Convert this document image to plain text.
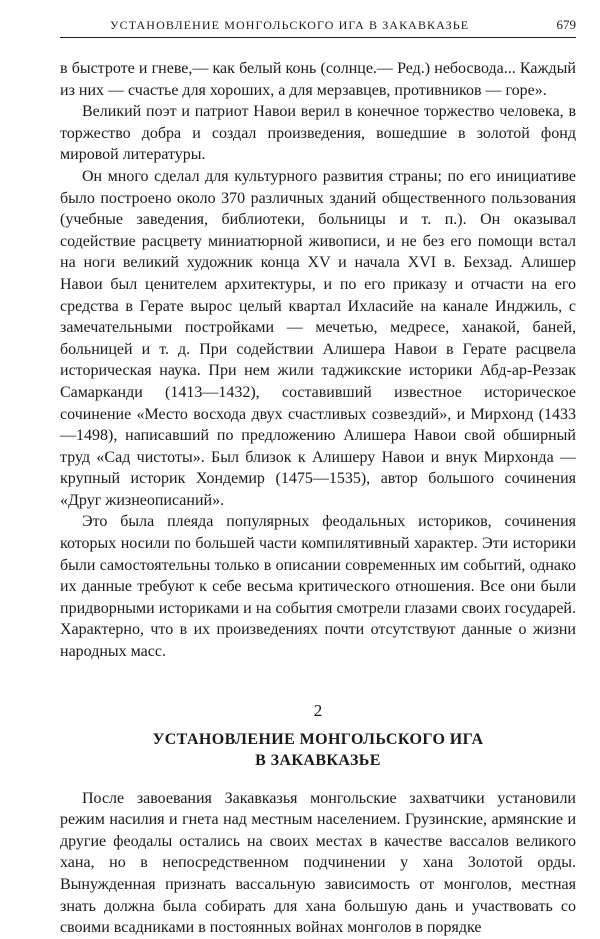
УСТАНОВЛЕНИЕ МОНГОЛЬСКОГО ИГА В ЗАКАВКАЗЬЕ	679

в быстроте и гневе,— как белый конь (солнце.— Ред.) небосвода... Каждый из них — счастье для хороших, а для мерзавцев, противников — горе».

Великий поэт и патриот Навои верил в конечное торжество человека, в торжество добра и создал произведения, вошедшие в золотой фонд мировой литературы.

Он много сделал для культурного развития страны; по его инициативе было построено около 370 различных зданий общественного пользования (учебные заведения, библиотеки, больницы и т. п.). Он оказывал содействие расцвету миниатюрной живописи, и не без его помощи встал на ноги великий художник конца XV и начала XVI в. Бехзад. Алишер Навои был ценителем архитектуры, и по его приказу и отчасти на его средства в Герате вырос целый квартал Ихласийе на канале Инджиль, с замечательными постройками — мечетью, медресе, ханакой, баней, больницей и т. д. При содействии Алишера Навои в Герате расцвела историческая наука. При нем жили таджикские историки Абд-ар-Реззак Самарканди (1413—1432), составивший известное историческое сочинение «Место восхода двух счастливых созвездий», и Мирхонд (1433—1498), написавший по предложению Алишера Навои свой обширный труд «Сад чистоты». Был близок к Алишеру Навои и внук Мирхонда — крупный историк Хондемир (1475—1535), автор большого сочинения «Друг жизнеописаний».

Это была плеяда популярных феодальных историков, сочинения которых носили по большей части компилятивный характер. Эти историки были самостоятельны только в описании современных им событий, однако их данные требуют к себе весьма критического отношения. Все они были придворными историками и на события смотрели глазами своих государей. Характерно, что в их произведениях почти отсутствуют данные о жизни народных масс.

2
УСТАНОВЛЕНИЕ МОНГОЛЬСКОГО ИГА
В ЗАКАВКАЗЬЕ

После завоевания Закавказья монгольские захватчики установили режим насилия и гнета над местным населением. Грузинские, армянские и другие феодалы остались на своих местах в качестве вассалов великого хана, но в непосредственном подчинении у хана Золотой орды. Вынужденная признать вассальную зависимость от монголов, местная знать должна была собирать для хана большую дань и участвовать со своими всадниками в постоянных войнах монголов в порядке
